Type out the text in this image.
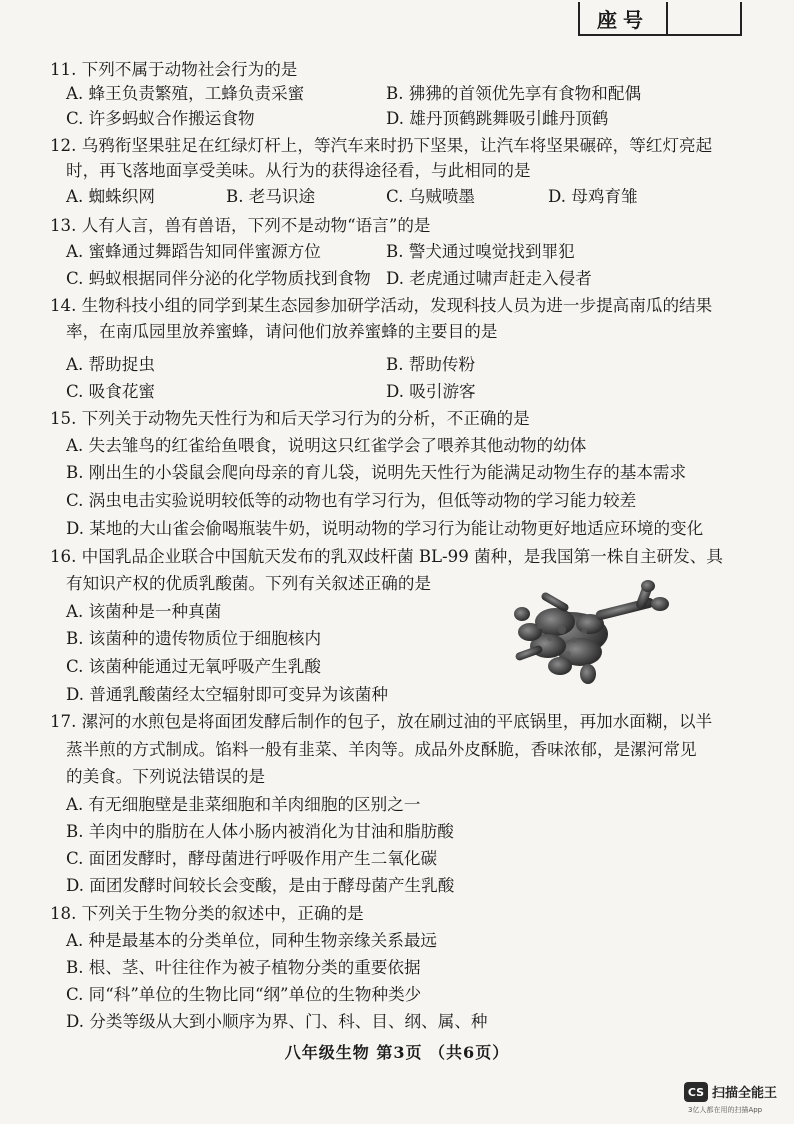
座号
11. 下列不属于动物社会行为的是
A. 蜂王负责繁殖，工蜂负责采蜜	B. 狒狒的首领优先享有食物和配偶
C. 许多蚂蚁合作搬运食物	D. 雄丹顶鹤跳舞吸引雌丹顶鹤
12. 乌鸦衔坚果驻足在红绿灯杆上，等汽车来时扔下坚果，让汽车将坚果碾碎，等红灯亮起
时，再飞落地面享受美味。从行为的获得途径看，与此相同的是
A. 蜘蛛织网	B. 老马识途	C. 乌贼喷墨	D. 母鸡育雏
13. 人有人言，兽有兽语，下列不是动物“语言”的是
A. 蜜蜂通过舞蹈告知同伴蜜源方位	B. 警犬通过嗅觉找到罪犯
C. 蚂蚁根据同伴分泌的化学物质找到食物 D. 老虎通过啸声赶走入侵者
14. 生物科技小组的同学到某生态园参加研学活动，发现科技人员为进一步提高南瓜的结果
率，在南瓜园里放养蜜蜂，请问他们放养蜜蜂的主要目的是
A. 帮助捉虫	B. 帮助传粉
C. 吸食花蜜	D. 吸引游客
15. 下列关于动物先天性行为和后天学习行为的分析，不正确的是
A. 失去雏鸟的红雀给鱼喂食，说明这只红雀学会了喂养其他动物的幼体
B. 刚出生的小袋鼠会爬向母亲的育儿袋，说明先天性行为能满足动物生存的基本需求
C. 涡虫电击实验说明较低等的动物也有学习行为，但低等动物的学习能力较差
D. 某地的大山雀会偷喝瓶装牛奶，说明动物的学习行为能让动物更好地适应环境的变化
16. 中国乳品企业联合中国航天发布的乳双歧杆菌 BL-99 菌种，是我国第一株自主研发、具
有知识产权的优质乳酸菌。下列有关叙述正确的是
A. 该菌种是一种真菌
B. 该菌种的遗传物质位于细胞核内
C. 该菌种能通过无氧呼吸产生乳酸
D. 普通乳酸菌经太空辐射即可变异为该菌种
17. 漯河的水煎包是将面团发酵后制作的包子，放在刷过油的平底锅里，再加水面糊，以半
蒸半煎的方式制成。馅料一般有韭菜、羊肉等。成品外皮酥脆，香味浓郁，是漯河常见
的美食。下列说法错误的是
A. 有无细胞壁是韭菜细胞和羊肉细胞的区别之一
B. 羊肉中的脂肪在人体小肠内被消化为甘油和脂肪酸
C. 面团发酵时，酵母菌进行呼吸作用产生二氧化碳
D. 面团发酵时间较长会变酸，是由于酵母菌产生乳酸
18. 下列关于生物分类的叙述中，正确的是
A. 种是最基本的分类单位，同种生物亲缘关系最远
B. 根、茎、叶往往作为被子植物分类的重要依据
C. 同“科”单位的生物比同“纲”单位的生物种类少
D. 分类等级从大到小顺序为界、门、科、目、纲、属、种
八年级生物 第3页 （共6页）
CS 扫描全能王
3亿人都在用的扫描App
